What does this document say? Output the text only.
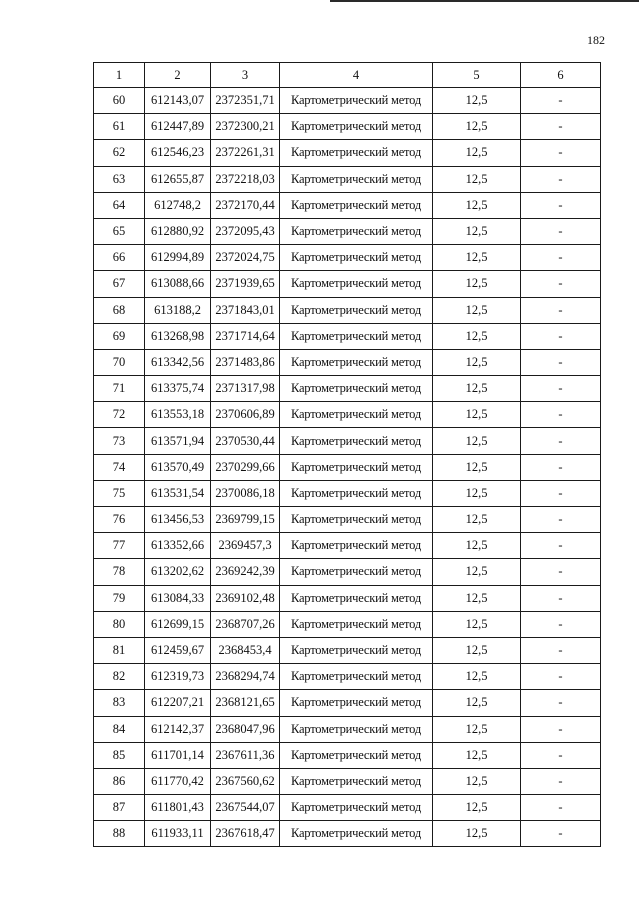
182
1	2	3	4	5	6
60	612143,07	2372351,71	Картометрический метод	12,5	-
61	612447,89	2372300,21	Картометрический метод	12,5	-
62	612546,23	2372261,31	Картометрический метод	12,5	-
63	612655,87	2372218,03	Картометрический метод	12,5	-
64	612748,2	2372170,44	Картометрический метод	12,5	-
65	612880,92	2372095,43	Картометрический метод	12,5	-
66	612994,89	2372024,75	Картометрический метод	12,5	-
67	613088,66	2371939,65	Картометрический метод	12,5	-
68	613188,2	2371843,01	Картометрический метод	12,5	-
69	613268,98	2371714,64	Картометрический метод	12,5	-
70	613342,56	2371483,86	Картометрический метод	12,5	-
71	613375,74	2371317,98	Картометрический метод	12,5	-
72	613553,18	2370606,89	Картометрический метод	12,5	-
73	613571,94	2370530,44	Картометрический метод	12,5	-
74	613570,49	2370299,66	Картометрический метод	12,5	-
75	613531,54	2370086,18	Картометрический метод	12,5	-
76	613456,53	2369799,15	Картометрический метод	12,5	-
77	613352,66	2369457,3	Картометрический метод	12,5	-
78	613202,62	2369242,39	Картометрический метод	12,5	-
79	613084,33	2369102,48	Картометрический метод	12,5	-
80	612699,15	2368707,26	Картометрический метод	12,5	-
81	612459,67	2368453,4	Картометрический метод	12,5	-
82	612319,73	2368294,74	Картометрический метод	12,5	-
83	612207,21	2368121,65	Картометрический метод	12,5	-
84	612142,37	2368047,96	Картометрический метод	12,5	-
85	611701,14	2367611,36	Картометрический метод	12,5	-
86	611770,42	2367560,62	Картометрический метод	12,5	-
87	611801,43	2367544,07	Картометрический метод	12,5	-
88	611933,11	2367618,47	Картометрический метод	12,5	-
